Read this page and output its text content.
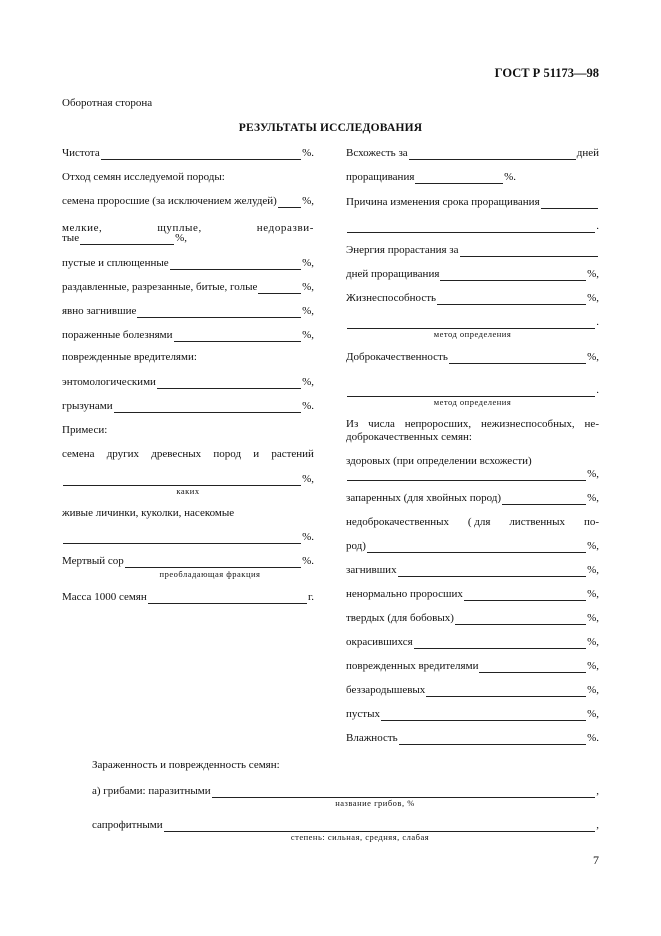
ГОСТ Р 51173—98
Оборотная сторона
РЕЗУЛЬТАТЫ ИССЛЕДОВАНИЯ
Чистота	%.
Отход семян исследуемой породы:
семена проросшие (за исключением желудей) %,
мелкие,	щуплые,	недоразви-
тые	%,
пустые и сплющенные	%,
раздавленные, разрезанные, битые, голые	%,
явно загнившие	%,
пораженные болезнями	%,
поврежденные вредителями:
энтомологическими	%,
грызунами	%.
Примеси:
семена других древесных пород и растений
%,
каких
живые личинки, куколки, насекомые
%.
Мертвый сор	%.
преобладающая фракция
Масса 1000 семян	г.
Всхожесть за	дней
проращивания	%.
Причина изменения срока проращивания
.
Энергия прорастания за
дней проращивания	%,
Жизнеспособность	%,
.
метод определения
Доброкачественность	%,
.
метод определения
Из числа непроросших, нежизнеспособных, не-
доброкачественных семян:
здоровых (при определении всхожести)
%,
запаренных (для хвойных пород)	%,
недоброкачественных ( для лиственных по-
род)	%,
загнивших	%,
ненормально проросших	%,
твердых (для бобовых)	%,
окрасившихся	%,
поврежденных вредителями	%,
беззародышевых	%,
пустых	%,
Влажность	%.
Зараженность и поврежденность семян:
а) грибами: паразитными	,
название грибов, %
сапрофитными	,
степень: сильная, средняя, слабая
7
